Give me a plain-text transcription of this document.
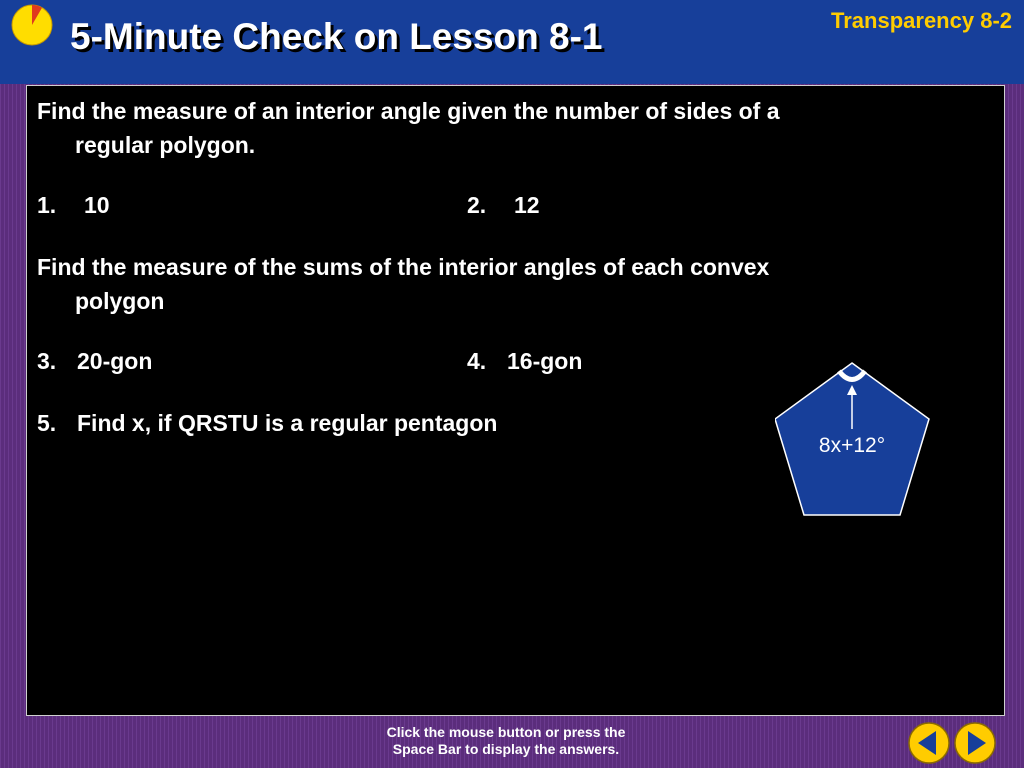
5-Minute Check on Lesson 8-1	Transparency 8-2
Find the measure of an interior angle given the number of sides of a
regular polygon.
1. 10	2. 12
Find the measure of the sums of the interior angles of each convex
polygon
3. 20-gon	4. 16-gon
5. Find x, if QRSTU is a regular pentagon
8x+12°
Click the mouse button or press the
Space Bar to display the answers.
